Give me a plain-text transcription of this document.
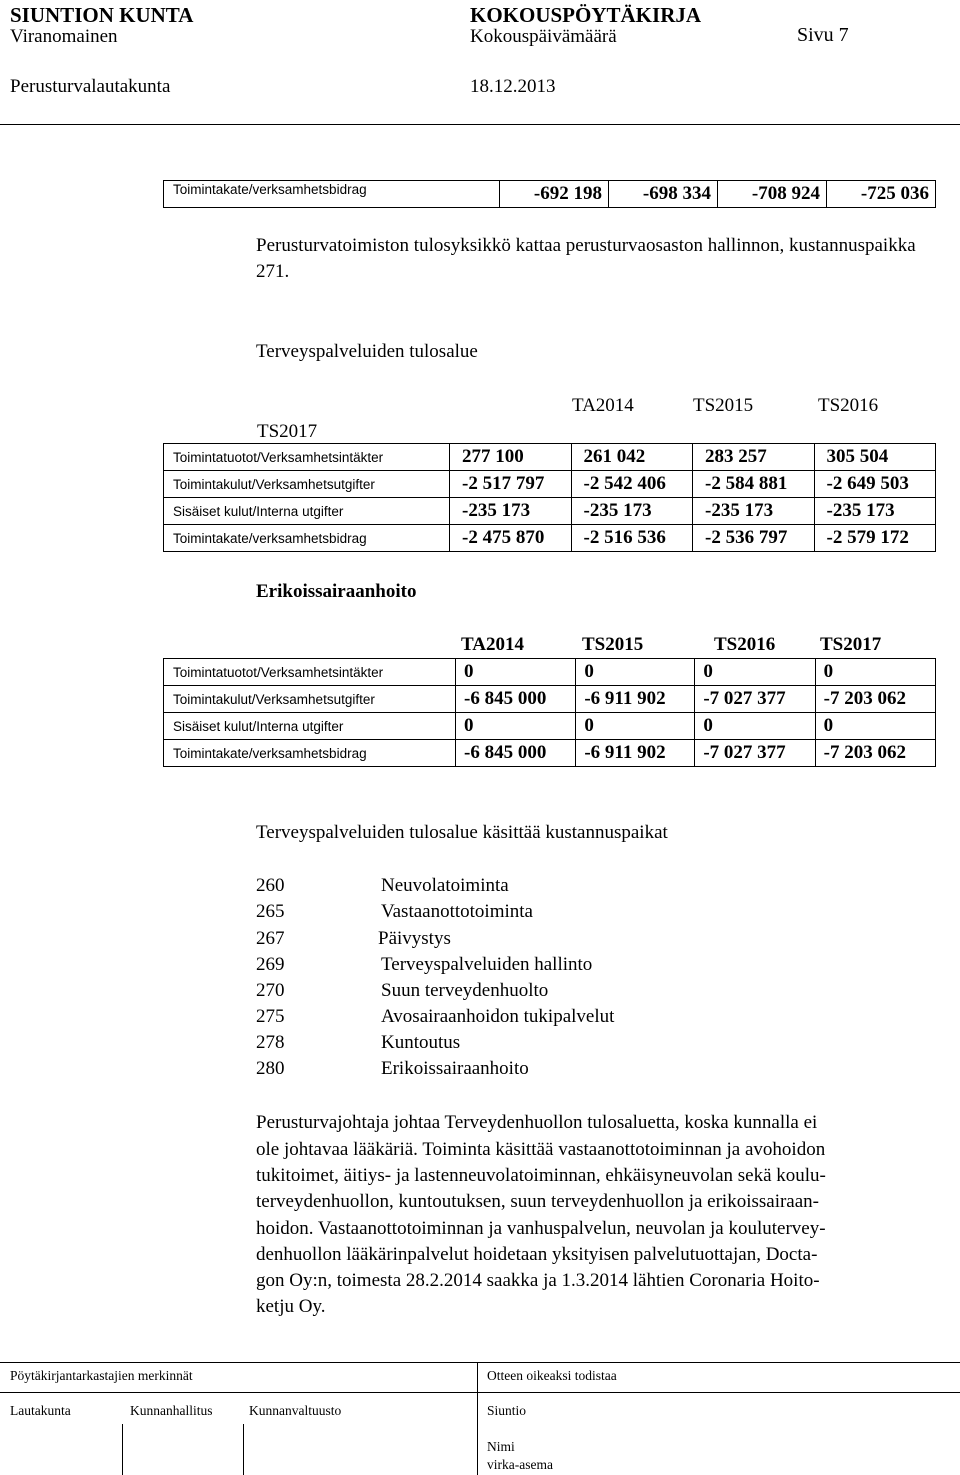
SIUNTION KUNTA	KOKOUSPÖYTÄKIRJA
Viranomainen	Kokouspäivämäärä	Sivu 7
Perusturvalautakunta	18.12.2013
Toimintakate/verksamhetsbidrag	-692 198	-698 334	-708 924	-725 036
Perusturvatoimiston tulosyksikkö kattaa perusturvaosaston hallinnon, kustannuspaikka 271.
Terveyspalveluiden tulosalue
TA2014	TS2015	TS2016
TS2017
Toimintatuotot/Verksamhetsintäkter	277 100	261 042	283 257	305 504
Toimintakulut/Verksamhetsutgifter	-2 517 797	-2 542 406	-2 584 881	-2 649 503
Sisäiset kulut/Interna utgifter	-235 173	-235 173	-235 173	-235 173
Toimintakate/verksamhetsbidrag	-2 475 870	-2 516 536	-2 536 797	-2 579 172
Erikoissairaanhoito
TA2014	TS2015	TS2016 TS2017
Toimintatuotot/Verksamhetsintäkter	0	0	0	0
Toimintakulut/Verksamhetsutgifter	-6 845 000	-6 911 902	-7 027 377	-7 203 062
Sisäiset kulut/Interna utgifter	0	0	0	0
Toimintakate/verksamhetsbidrag	-6 845 000	-6 911 902	-7 027 377	-7 203 062
Terveyspalveluiden tulosalue käsittää kustannuspaikat
260	Neuvolatoiminta
265	Vastaanottotoiminta
267	Päivystys
269	Terveyspalveluiden hallinto
270	Suun terveydenhuolto
275	Avosairaanhoidon tukipalvelut
278	Kuntoutus
280	Erikoissairaanhoito
Perusturvajohtaja johtaa Terveydenhuollon tulosaluetta, koska kunnalla ei
ole johtavaa lääkäriä. Toiminta käsittää vastaanottotoiminnan ja avohoidon
tukitoimet, äitiys- ja lastenneuvolatoiminnan, ehkäisyneuvolan sekä koulu-
terveydenhuollon, kuntoutuksen, suun terveydenhuollon ja erikoissairaan-
hoidon. Vastaanottotoiminnan ja vanhuspalvelun, neuvolan ja koulutervey-
denhuollon lääkärinpalvelut hoidetaan yksityisen palvelutuottajan, Docta-
gon Oy:n, toimesta 28.2.2014 saakka ja 1.3.2014 lähtien Coronaria Hoito-
ketju Oy.
Pöytäkirjantarkastajien merkinnät	Otteen oikeaksi todistaa
Lautakunta	Kunnanhallitus	Kunnanvaltuusto	Siuntio
Nimi
virka-asema
